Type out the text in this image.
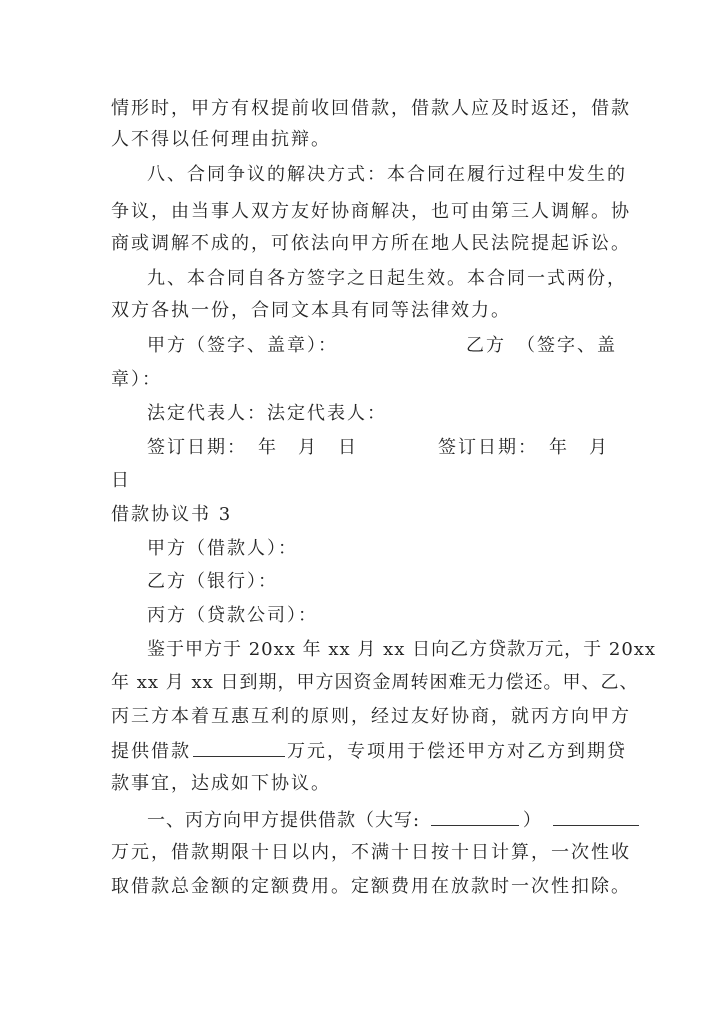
情形时，甲方有权提前收回借款，借款人应及时返还，借款
人不得以任何理由抗辩。
八、合同争议的解决方式：本合同在履行过程中发生的
争议，由当事人双方友好协商解决，也可由第三人调解。协
商或调解不成的，可依法向甲方所在地人民法院提起诉讼。
九、本合同自各方签字之日起生效。本合同一式两份，
双方各执一份，合同文本具有同等法律效力。
甲方（签字、盖章）：	乙方　（签字、盖
章）：
法定代表人：法定代表人：
签订日期：　年　月　日	签订日期：　年　月
日
借款协议书 3
甲方（借款人）：
乙方（银行）：
丙方（贷款公司）：
鉴于甲方于 20xx 年 xx 月 xx 日向乙方贷款万元，于 20xx
年 xx 月 xx 日到期，甲方因资金周转困难无力偿还。甲、乙、
丙三方本着互惠互利的原则，经过友好协商，就丙方向甲方
提供借款	万元，专项用于偿还甲方对乙方到期贷
款事宜，达成如下协议。
一、丙方向甲方提供借款（大写:	）
万元，借款期限十日以内，不满十日按十日计算，一次性收
取借款总金额的定额费用。定额费用在放款时一次性扣除。
